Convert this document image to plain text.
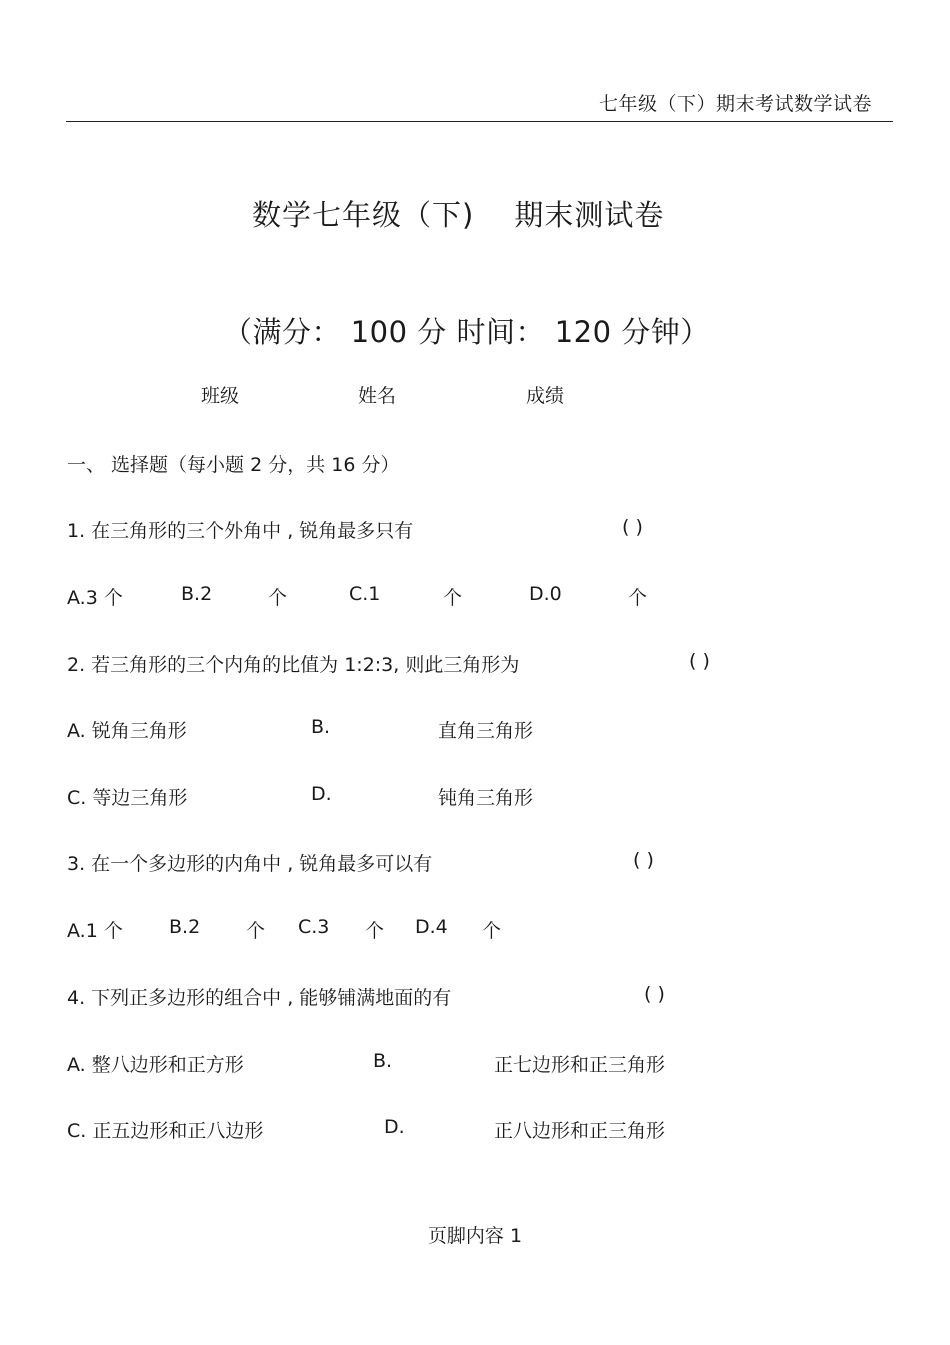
七年级（下）期末考试数学试卷
数学七年级（下) 期末测试卷
（满分： 100 分 时间： 120 分钟）
班级	姓名	成绩
一、 选择题（每小题 2 分，共 16 分）
1. 在三角形的三个外角中 , 锐角最多只有	( )
A.3 个	B.2	个	C.1	个	D.0	个
2. 若三角形的三个内角的比值为 1:2:3, 则此三角形为	( )
A. 锐角三角形	B.	直角三角形
C. 等边三角形	D.	钝角三角形
3. 在一个多边形的内角中 , 锐角最多可以有	( )
A.1 个 B.2 个 C.3 个 D.4 个
4. 下列正多边形的组合中 , 能够铺满地面的有	( )
A. 整八边形和正方形	B.	正七边形和正三角形
C. 正五边形和正八边形	D.	正八边形和正三角形
页脚内容 1
